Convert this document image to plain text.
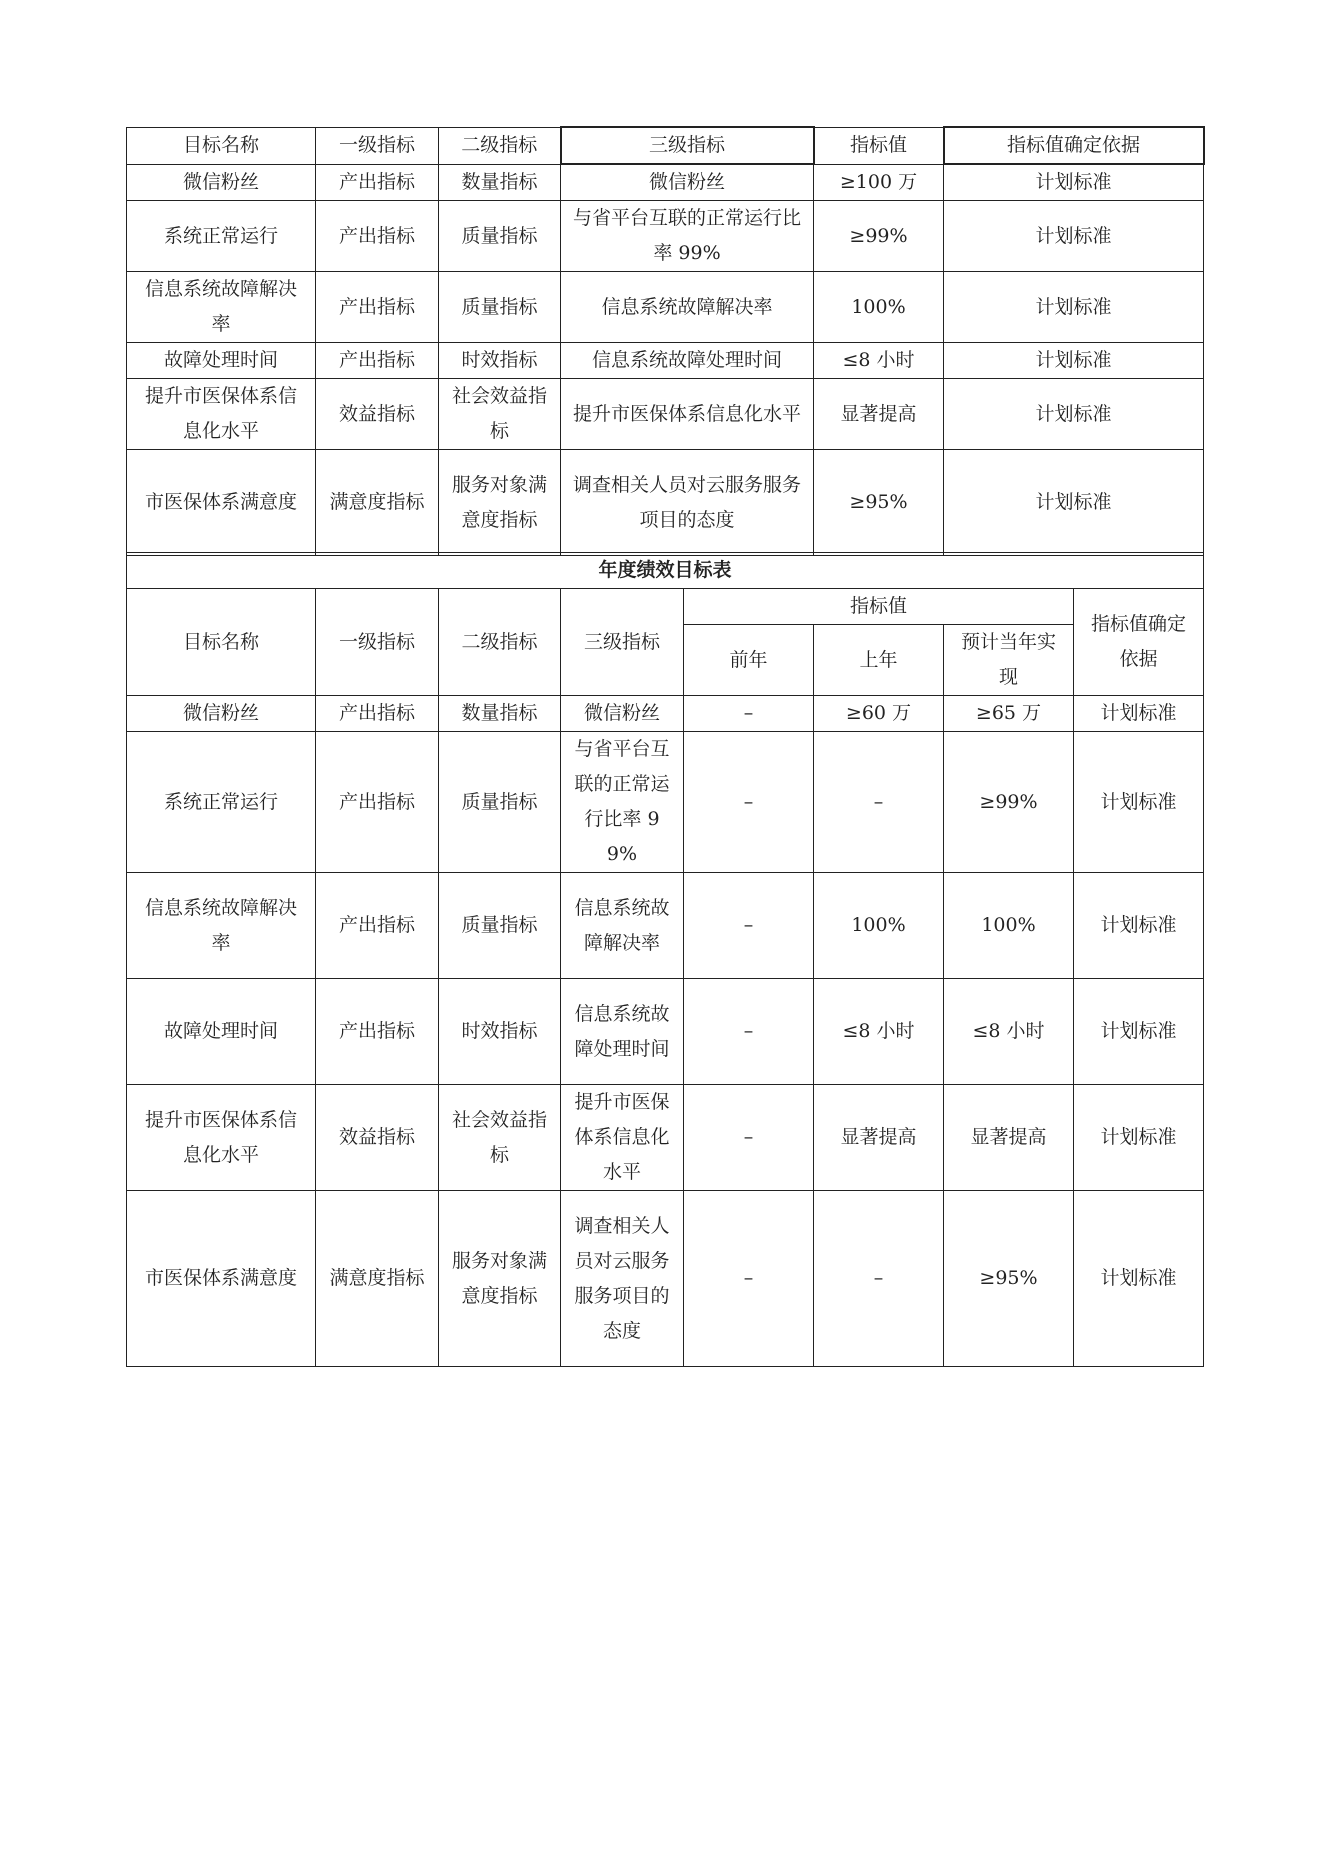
目标名称	一级指标	二级指标	三级指标	指标值	指标值确定依据
微信粉丝	产出指标	数量指标	微信粉丝	≥100 万	计划标准
系统正常运行	产出指标	质量指标	与省平台互联的正常运行比率 99%	≥99%	计划标准
信息系统故障解决率	产出指标	质量指标	信息系统故障解决率	100%	计划标准
故障处理时间	产出指标	时效指标	信息系统故障处理时间	≤8 小时	计划标准
提升市医保体系信息化水平	效益指标	社会效益指标	提升市医保体系信息化水平	显著提高	计划标准
市医保体系满意度	满意度指标	服务对象满意度指标	调查相关人员对云服务服务项目的态度	≥95%	计划标准
年度绩效目标表							
目标名称	一级指标	二级指标	三级指标	指标值			指标值确定依据
				前年	上年	预计当年实现	
微信粉丝	产出指标	数量指标	微信粉丝	–	≥60 万	≥65 万	计划标准
系统正常运行	产出指标	质量指标	与省平台互联的正常运行比率 99%	–	–	≥99%	计划标准
信息系统故障解决率	产出指标	质量指标	信息系统故障解决率	–	100%	100%	计划标准
故障处理时间	产出指标	时效指标	信息系统故障处理时间	–	≤8 小时	≤8 小时	计划标准
提升市医保体系信息化水平	效益指标	社会效益指标	提升市医保体系信息化水平	–	显著提高	显著提高	计划标准
市医保体系满意度	满意度指标	服务对象满意度指标	调查相关人员对云服务服务项目的态度	–	–	≥95%	计划标准
